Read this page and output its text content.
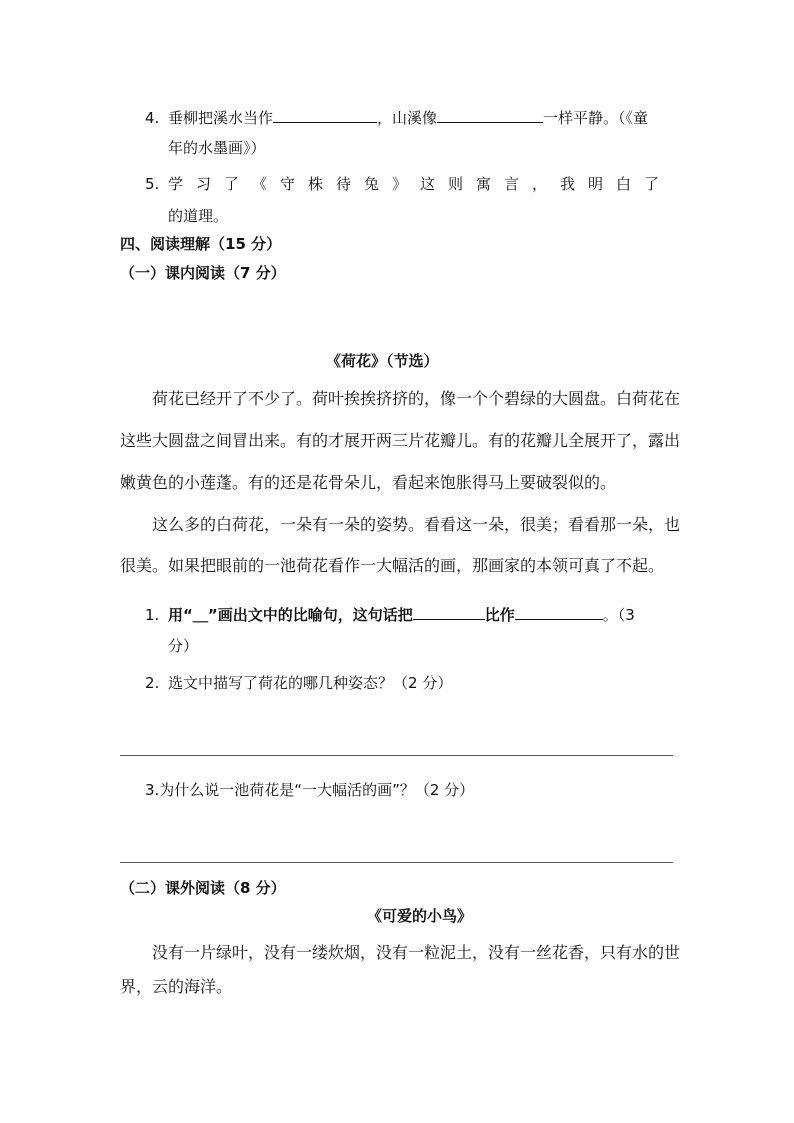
4. 垂柳把溪水当作	，山溪像	一样平静。（《童
年的水墨画》）
5. 学习了《守株待兔》这则寓言，我明白了
的道理。
四、阅读理解（15 分）
（一）课内阅读（7 分）
《荷花》（节选）
荷花已经开了不少了。荷叶挨挨挤挤的，像一个个碧绿的大圆盘。白荷花在
这些大圆盘之间冒出来。有的才展开两三片花瓣儿。有的花瓣儿全展开了，露出
嫩黄色的小莲蓬。有的还是花骨朵儿，看起来饱胀得马上要破裂似的。
这么多的白荷花，一朵有一朵的姿势。看看这一朵，很美；看看那一朵，也
很美。如果把眼前的一池荷花看作一大幅活的画，那画家的本领可真了不起。
1. 用“＿”画出文中的比喻句，这句话把	比作	。（3
分）
2. 选文中描写了荷花的哪几种姿态？（2 分）
3.为什么说一池荷花是“一大幅活的画”？（2 分）
（二）课外阅读（8 分）
《可爱的小鸟》
没有一片绿叶，没有一缕炊烟，没有一粒泥土，没有一丝花香，只有水的世
界，云的海洋。
